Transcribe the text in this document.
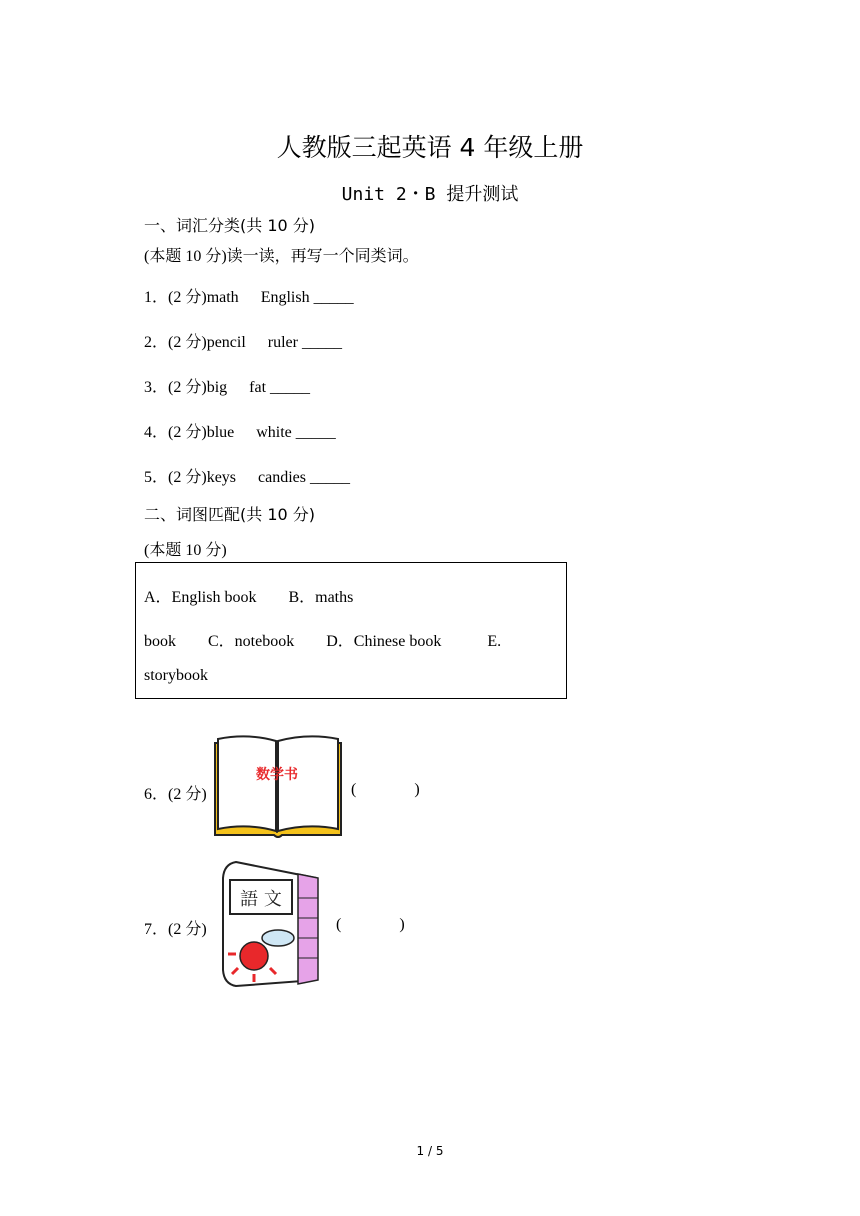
人教版三起英语 4 年级上册
Unit 2・B 提升测试
一、词汇分类(共 10 分)
(本题 10 分)读一读，再写一个同类词。
1．(2 分)math English _____
2．(2 分)pencil ruler _____
3．(2 分)big fat _____
4．(2 分)blue white _____
5．(2 分)keys candies _____
二、词图匹配(共 10 分)
(本题 10 分)
A．English book B．maths
book C．notebook D．Chinese book	E.
storybook
6．(2 分)
数学书
(	)
7．(2 分)
語 文
(	)
1 / 5
